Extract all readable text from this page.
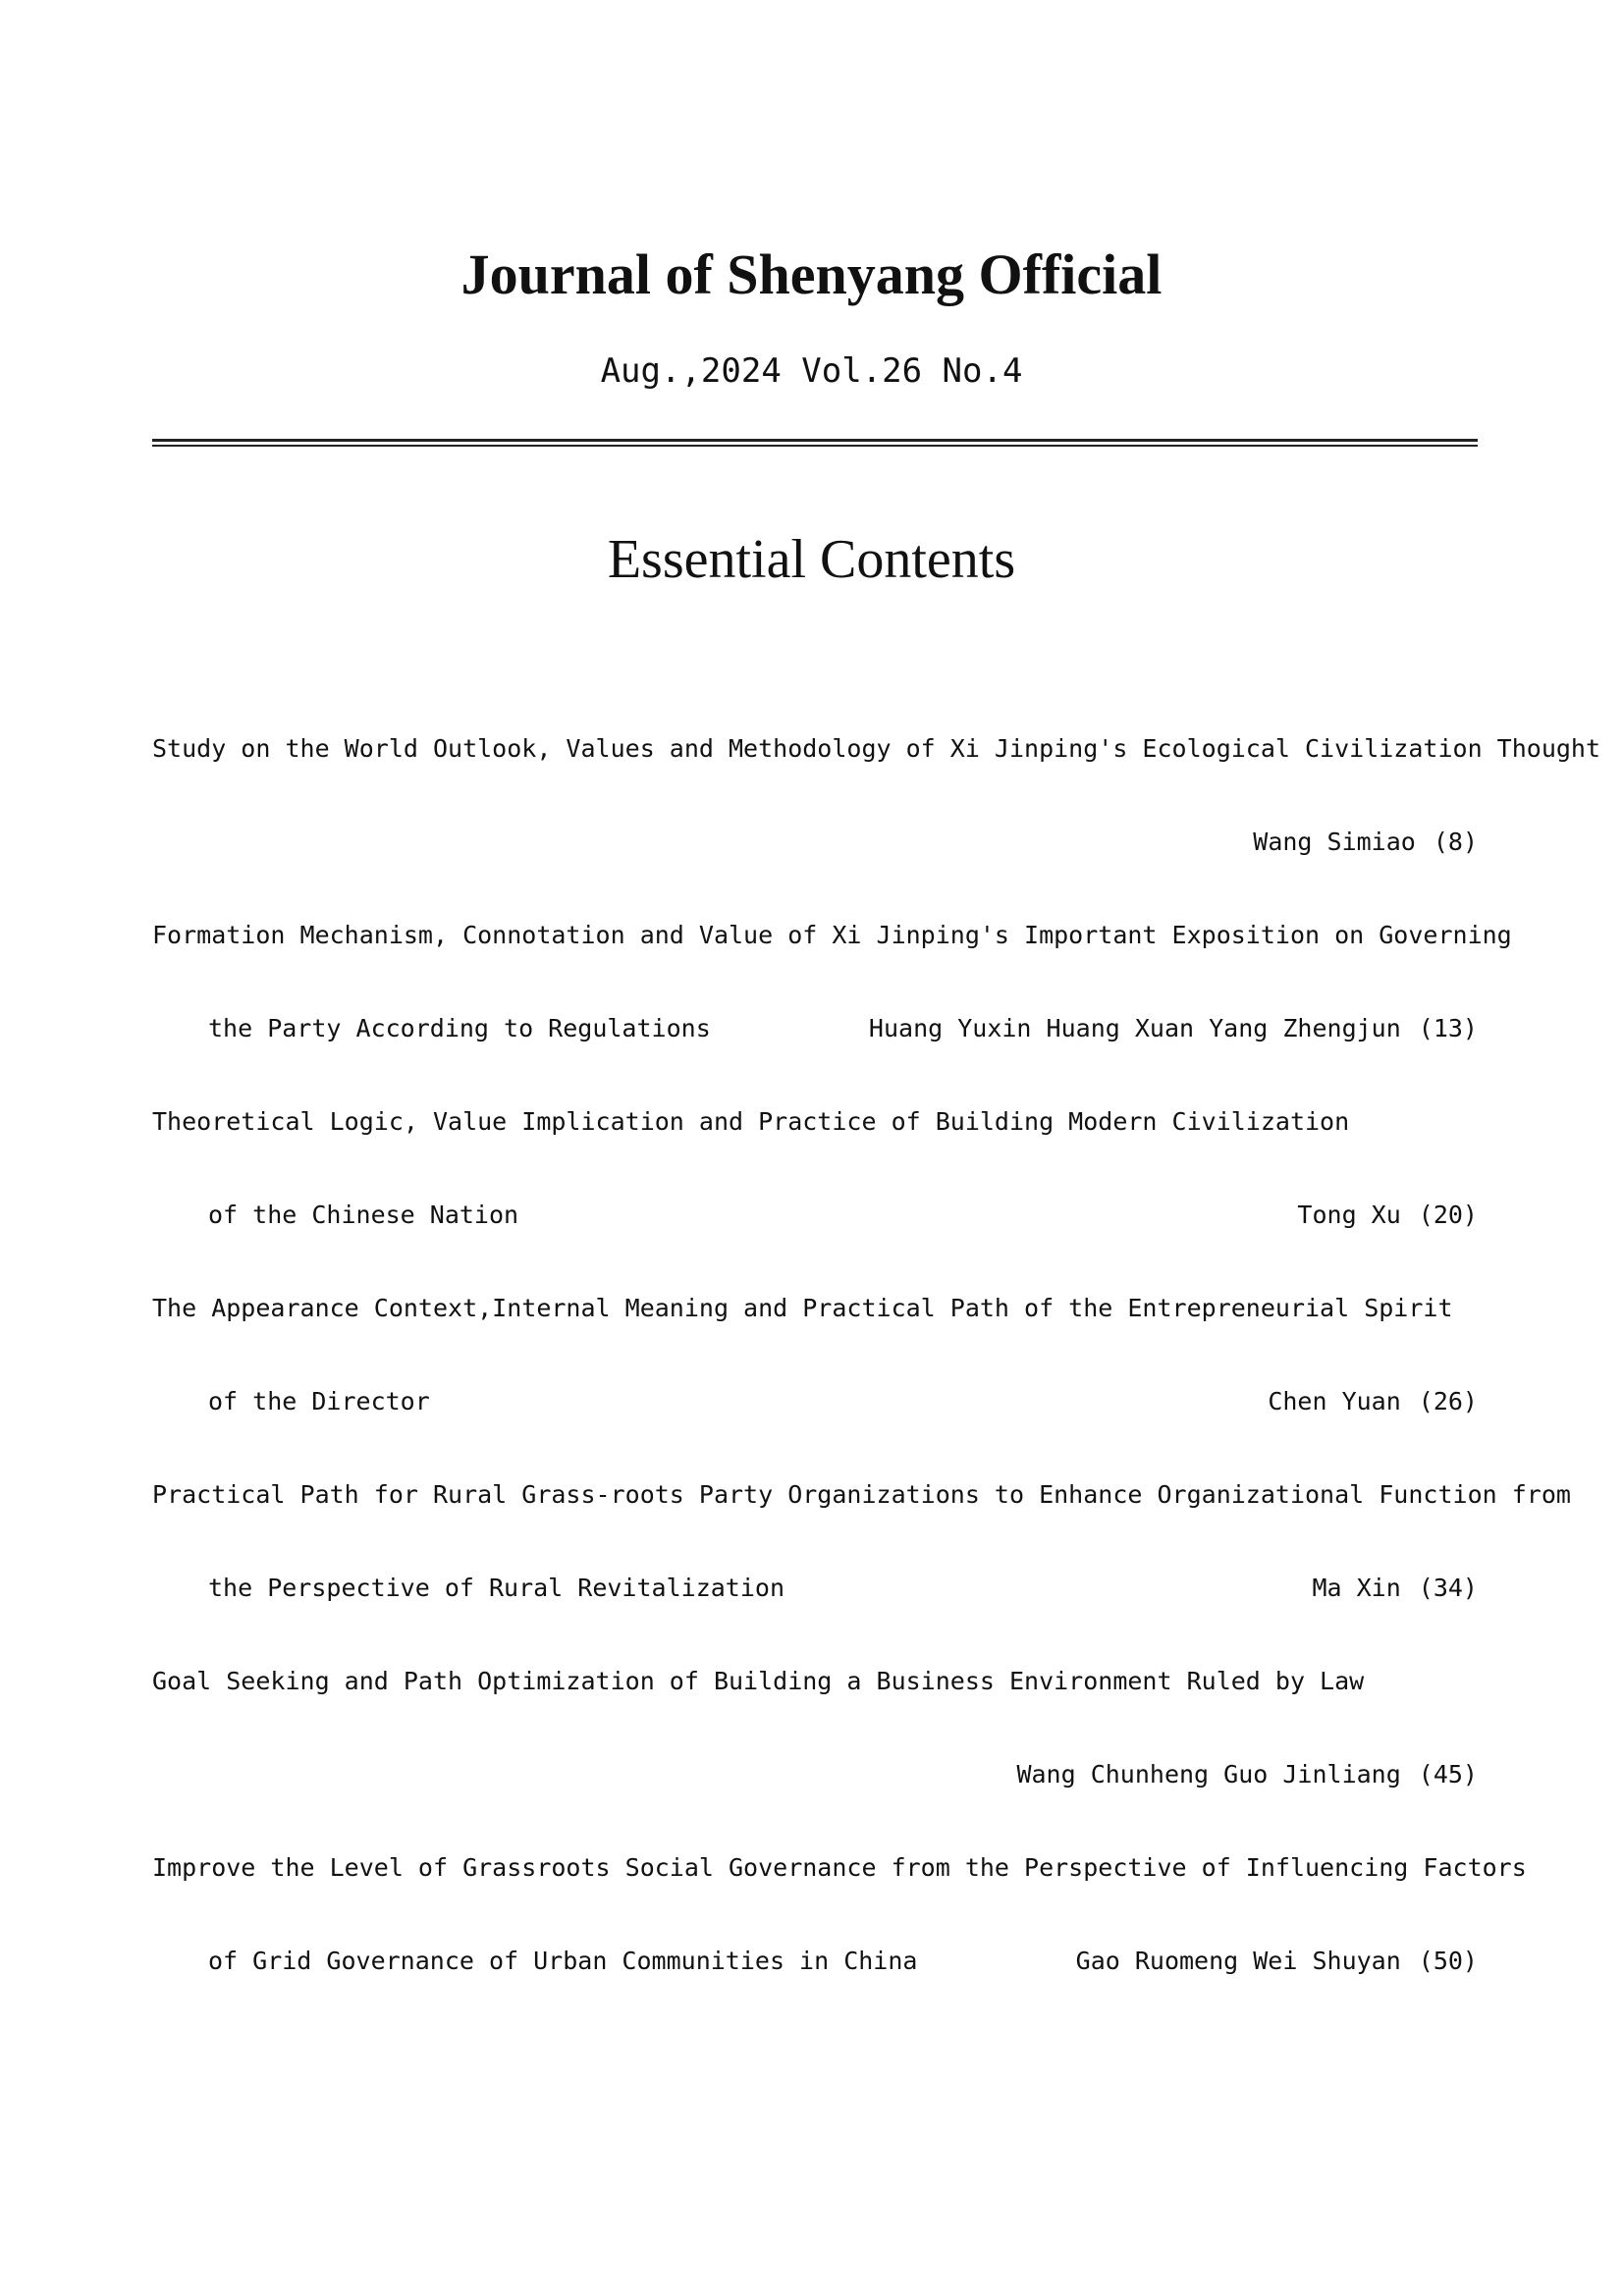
Journal of Shenyang Official
Aug.,2024 Vol.26 No.4
Essential Contents
Study on the World Outlook, Values and Methodology of Xi Jinping's Ecological Civilization Thought
Wang Simiao (8)
Formation Mechanism, Connotation and Value of Xi Jinping's Important Exposition on Governing
the Party According to Regulations	Huang Yuxin Huang Xuan Yang Zhengjun (13)
Theoretical Logic, Value Implication and Practice of Building Modern Civilization
of the Chinese Nation	Tong Xu (20)
The Appearance Context,Internal Meaning and Practical Path of the Entrepreneurial Spirit
of the Director	Chen Yuan (26)
Practical Path for Rural Grass-roots Party Organizations to Enhance Organizational Function from
the Perspective of Rural Revitalization	Ma Xin (34)
Goal Seeking and Path Optimization of Building a Business Environment Ruled by Law
Wang Chunheng Guo Jinliang (45)
Improve the Level of Grassroots Social Governance from the Perspective of Influencing Factors
of Grid Governance of Urban Communities in China	Gao Ruomeng Wei Shuyan (50)
